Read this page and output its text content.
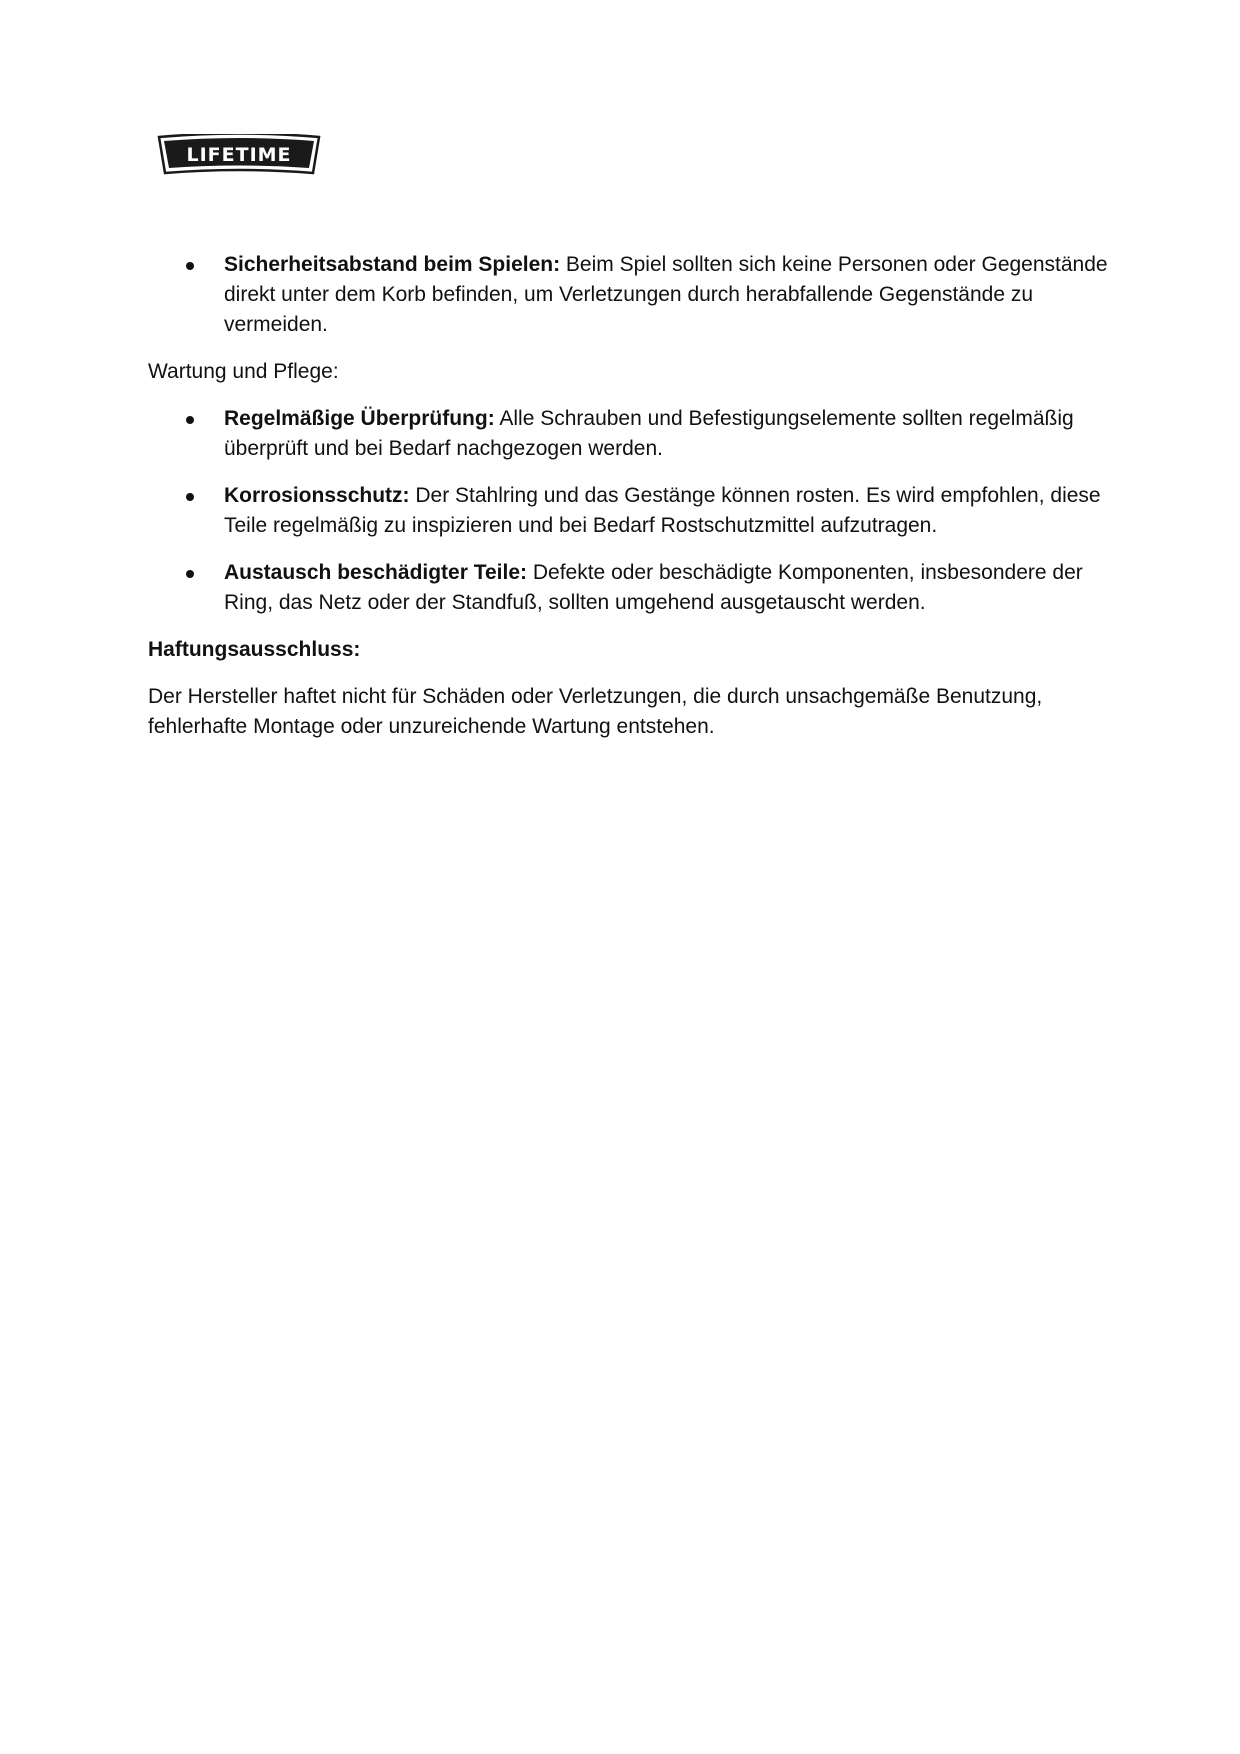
LIFETIME
Sicherheitsabstand beim Spielen: Beim Spiel sollten sich keine Personen oder Gegenstände direkt unter dem Korb befinden, um Verletzungen durch herabfallende Gegenstände zu vermeiden.

Wartung und Pflege:

Regelmäßige Überprüfung: Alle Schrauben und Befestigungselemente sollten regelmäßig überprüft und bei Bedarf nachgezogen werden.
Korrosionsschutz: Der Stahlring und das Gestänge können rosten. Es wird empfohlen, diese Teile regelmäßig zu inspizieren und bei Bedarf Rostschutzmittel aufzutragen.
Austausch beschädigter Teile: Defekte oder beschädigte Komponenten, insbesondere der Ring, das Netz oder der Standfuß, sollten umgehend ausgetauscht werden.

Haftungsausschluss:

Der Hersteller haftet nicht für Schäden oder Verletzungen, die durch unsachgemäße Benutzung, fehlerhafte Montage oder unzureichende Wartung entstehen.
